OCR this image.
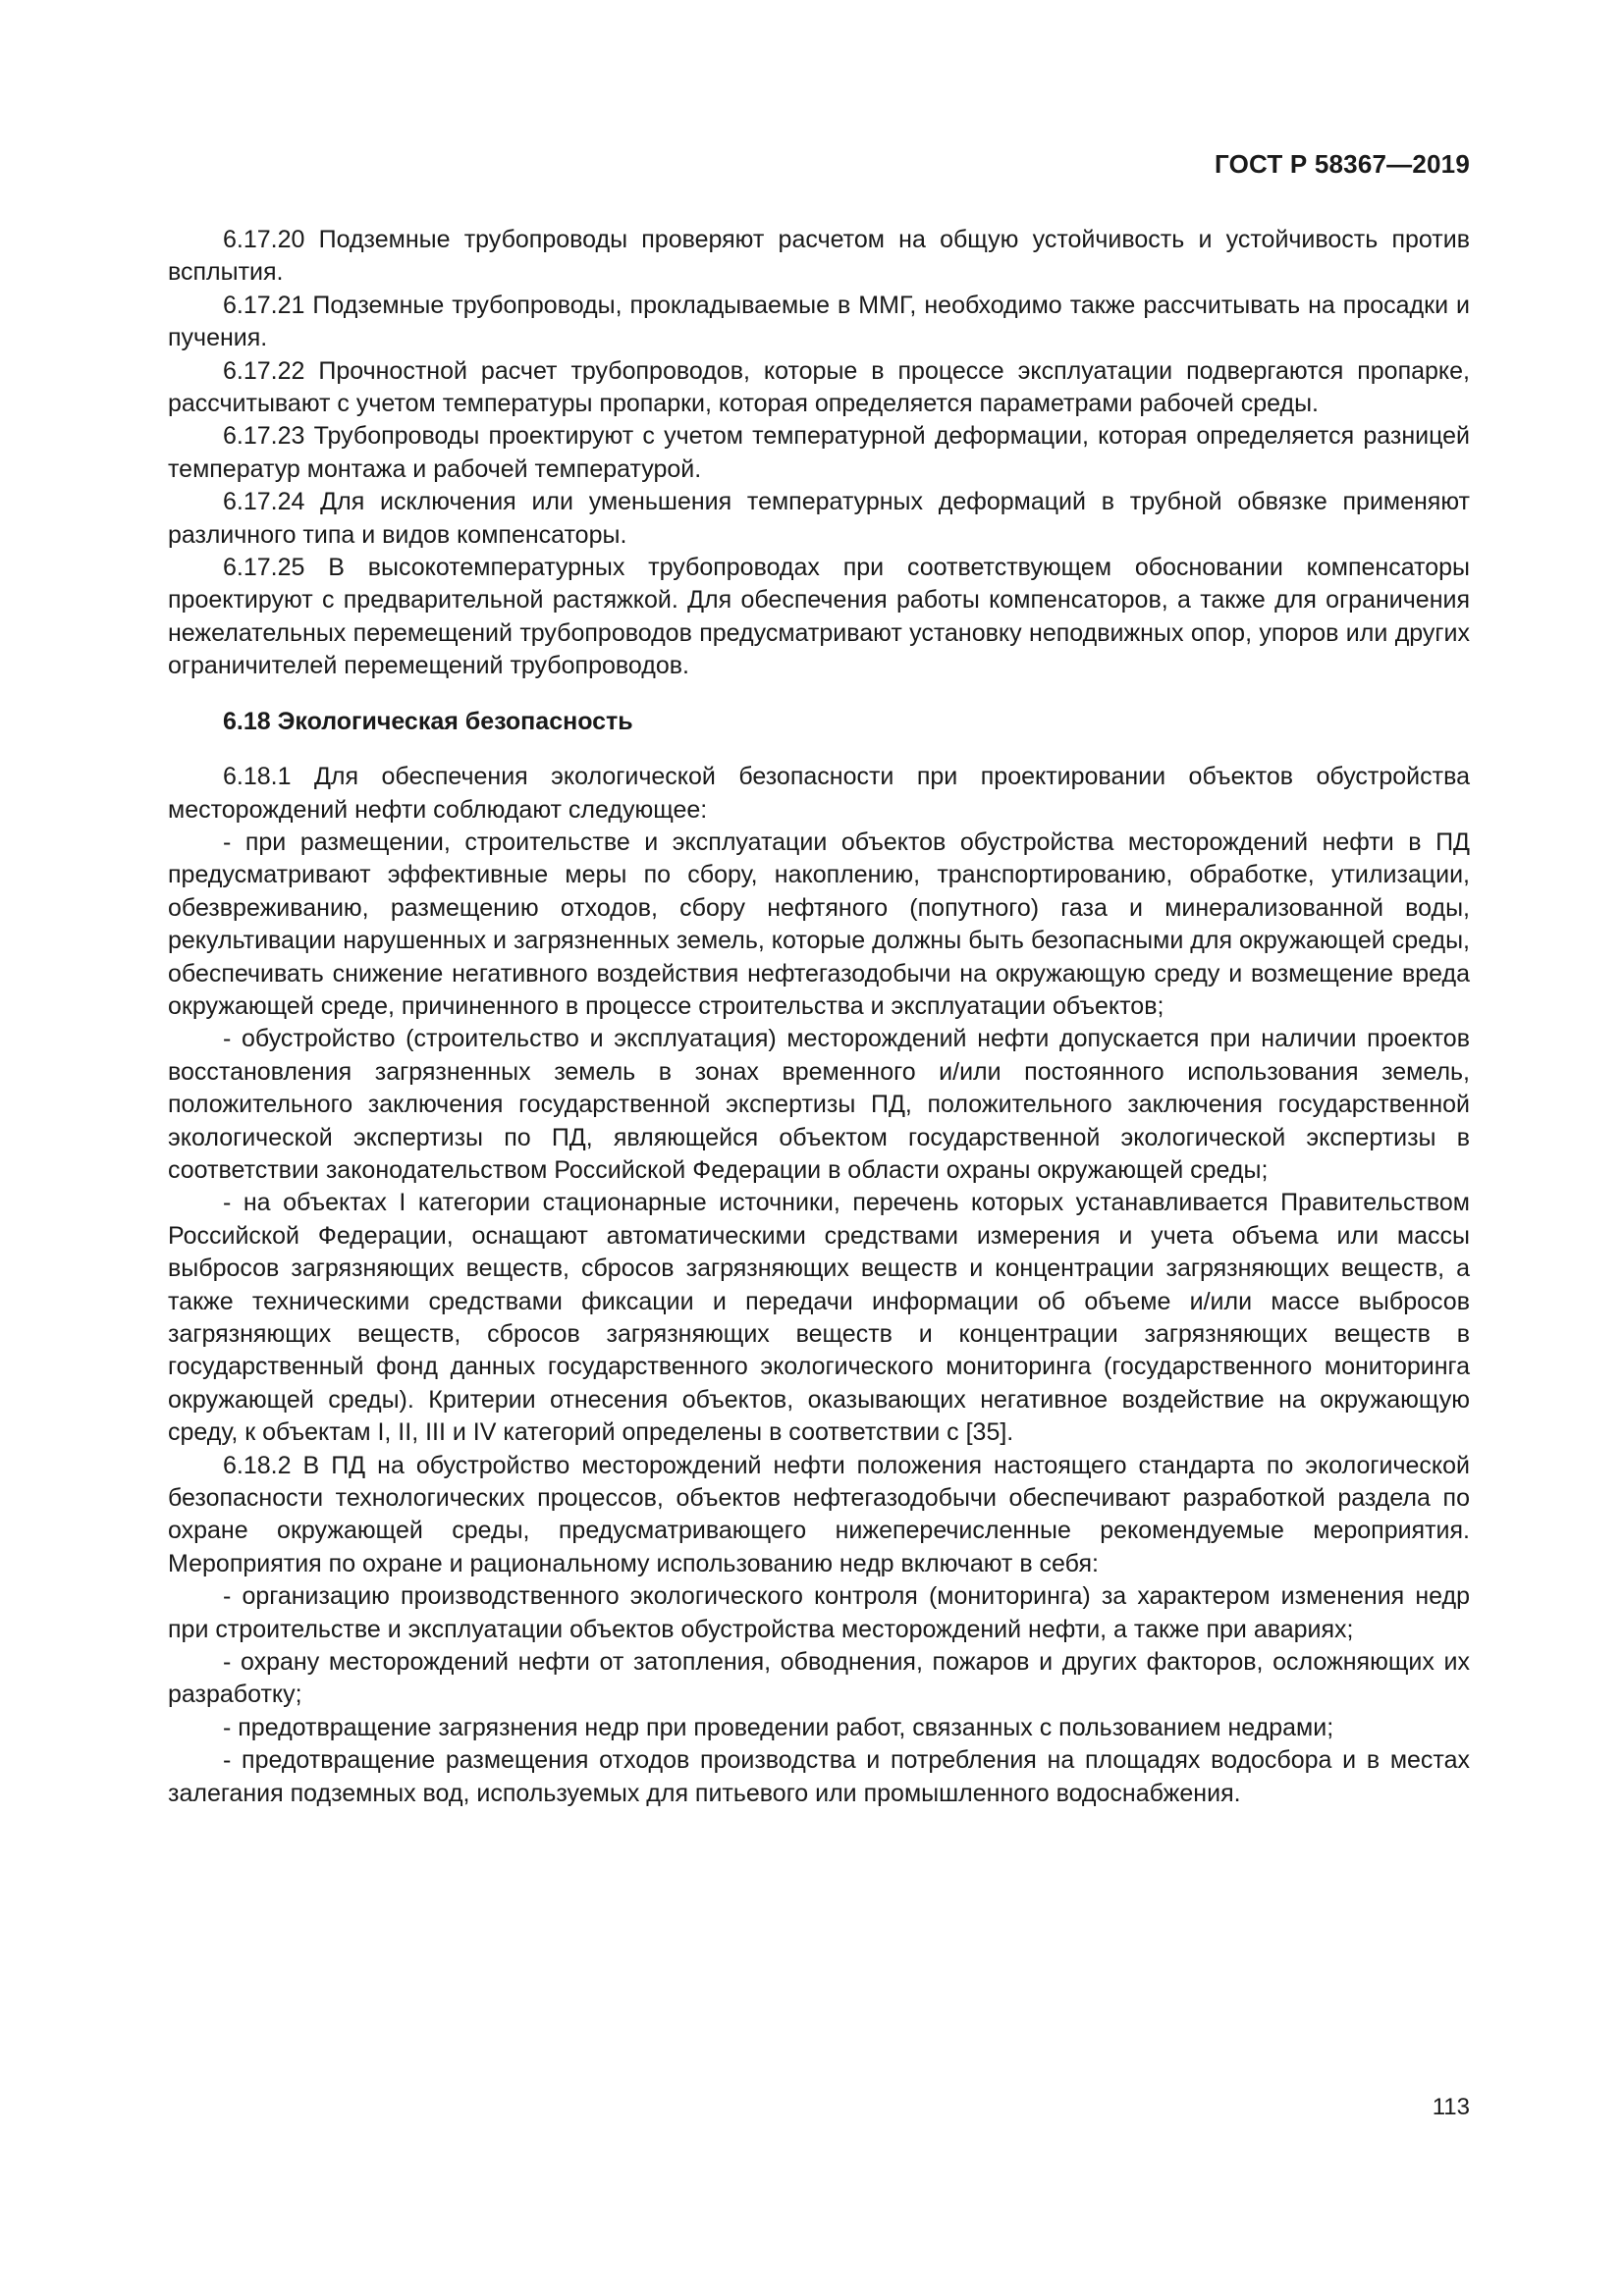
ГОСТ Р 58367—2019

6.17.20 Подземные трубопроводы проверяют расчетом на общую устойчивость и устойчивость против всплытия.

6.17.21 Подземные трубопроводы, прокладываемые в ММГ, необходимо также рассчитывать на просадки и пучения.

6.17.22 Прочностной расчет трубопроводов, которые в процессе эксплуатации подвергаются пропарке, рассчитывают с учетом температуры пропарки, которая определяется параметрами рабочей среды.

6.17.23 Трубопроводы проектируют с учетом температурной деформации, которая определяется разницей температур монтажа и рабочей температурой.

6.17.24 Для исключения или уменьшения температурных деформаций в трубной обвязке применяют различного типа и видов компенсаторы.

6.17.25 В высокотемпературных трубопроводах при соответствующем обосновании компенсаторы проектируют с предварительной растяжкой. Для обеспечения работы компенсаторов, а также для ограничения нежелательных перемещений трубопроводов предусматривают установку неподвижных опор, упоров или других ограничителей перемещений трубопроводов.

6.18 Экологическая безопасность

6.18.1 Для обеспечения экологической безопасности при проектировании объектов обустройства месторождений нефти соблюдают следующее:

- при размещении, строительстве и эксплуатации объектов обустройства месторождений нефти в ПД предусматривают эффективные меры по сбору, накоплению, транспортированию, обработке, утилизации, обезвреживанию, размещению отходов, сбору нефтяного (попутного) газа и минерализованной воды, рекультивации нарушенных и загрязненных земель, которые должны быть безопасными для окружающей среды, обеспечивать снижение негативного воздействия нефтегазодобычи на окружающую среду и возмещение вреда окружающей среде, причиненного в процессе строительства и эксплуатации объектов;

- обустройство (строительство и эксплуатация) месторождений нефти допускается при наличии проектов восстановления загрязненных земель в зонах временного и/или постоянного использования земель, положительного заключения государственной экспертизы ПД, положительного заключения государственной экологической экспертизы по ПД, являющейся объектом государственной экологической экспертизы в соответствии законодательством Российской Федерации в области охраны окружающей среды;

- на объектах I категории стационарные источники, перечень которых устанавливается Правительством Российской Федерации, оснащают автоматическими средствами измерения и учета объема или массы выбросов загрязняющих веществ, сбросов загрязняющих веществ и концентрации загрязняющих веществ, а также техническими средствами фиксации и передачи информации об объеме и/или массе выбросов загрязняющих веществ, сбросов загрязняющих веществ и концентрации загрязняющих веществ в государственный фонд данных государственного экологического мониторинга (государственного мониторинга окружающей среды). Критерии отнесения объектов, оказывающих негативное воздействие на окружающую среду, к объектам I, II, III и IV категорий определены в соответствии с [35].

6.18.2 В ПД на обустройство месторождений нефти положения настоящего стандарта по экологической безопасности технологических процессов, объектов нефтегазодобычи обеспечивают разработкой раздела по охране окружающей среды, предусматривающего нижеперечисленные рекомендуемые мероприятия. Мероприятия по охране и рациональному использованию недр включают в себя:

- организацию производственного экологического контроля (мониторинга) за характером изменения недр при строительстве и эксплуатации объектов обустройства месторождений нефти, а также при авариях;

- охрану месторождений нефти от затопления, обводнения, пожаров и других факторов, осложняющих их разработку;

- предотвращение загрязнения недр при проведении работ, связанных с пользованием недрами;

- предотвращение размещения отходов производства и потребления на площадях водосбора и в местах залегания подземных вод, используемых для питьевого или промышленного водоснабжения.

113
